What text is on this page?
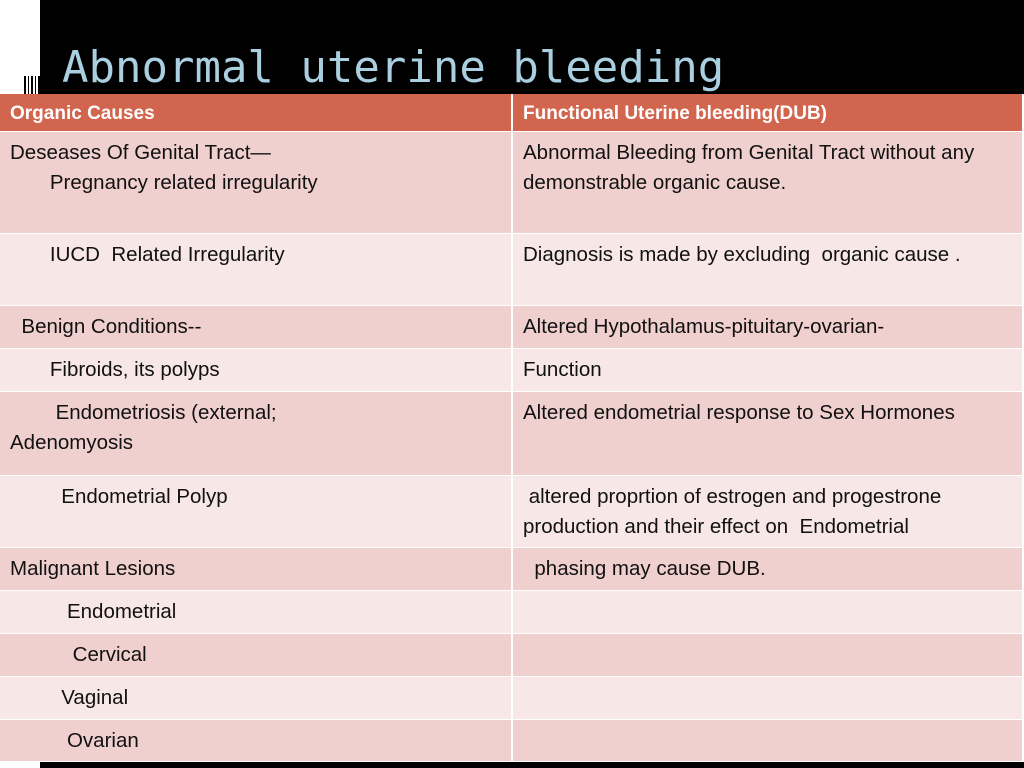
Abnormal uterine bleeding
Organic Causes	Functional Uterine bleeding(DUB)

Deseases Of Genital Tract—
Pregnancy related irregularity	Abnormal Bleeding from Genital Tract without any demonstrable organic cause.

IUCD  Related Irregularity	Diagnosis is made by excluding  organic cause .

Benign Conditions--	Altered Hypothalamus-pituitary-ovarian-

Fibroids, its polyps	Function

Endometriosis (external;
Adenomyosis	Altered endometrial response to Sex Hormones

Endometrial Polyp	altered proprtion of estrogen and progestrone production and their effect on  Endometrial

Malignant Lesions	phasing may cause DUB.

Endometrial	

Cervical	

Vaginal	

Ovarian	
